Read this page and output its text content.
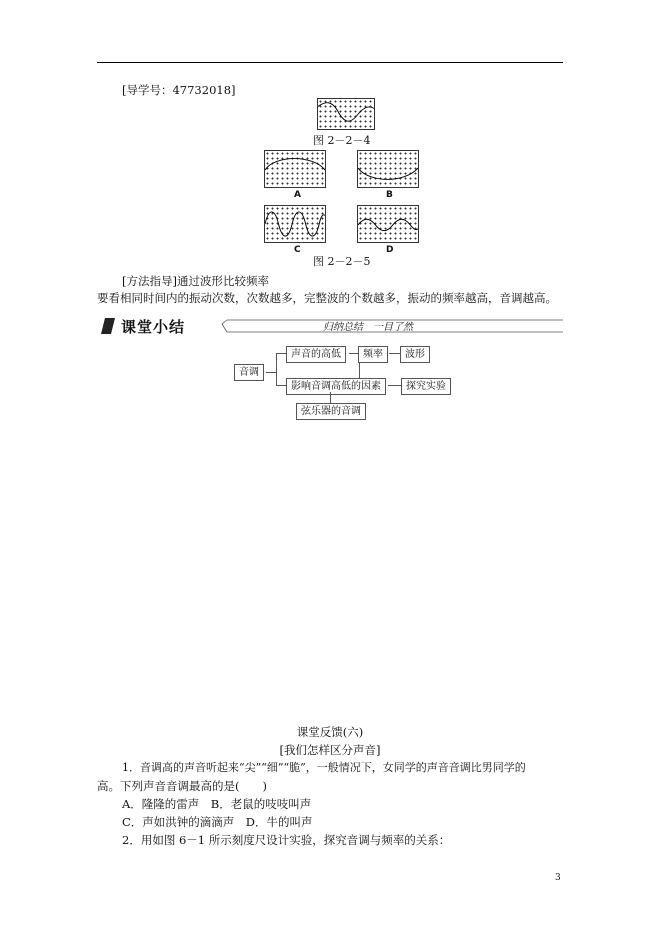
[导学号：47732018]
图 2－2－4
A	B
C	D
图 2－2－5
[方法指导]通过波形比较频率
要看相同时间内的振动次数，次数越多，完整波的个数越多，振动的频率越高，音调越高。
课堂小结	归纳总结　一目了然
音调
声音的高低	频率	波形
影响音调高低的因素	探究实验
弦乐器的音调
课堂反馈(六)
[我们怎样区分声音]
1．音调高的声音听起来“尖”“细”“脆”，一般情况下，女同学的声音音调比男同学的
高。下列声音音调最高的是(　　)
A．隆隆的雷声　B．老鼠的吱吱叫声
C．声如洪钟的滴滴声　D．牛的叫声
2．用如图 6－1 所示刻度尺设计实验，探究音调与频率的关系：
3
